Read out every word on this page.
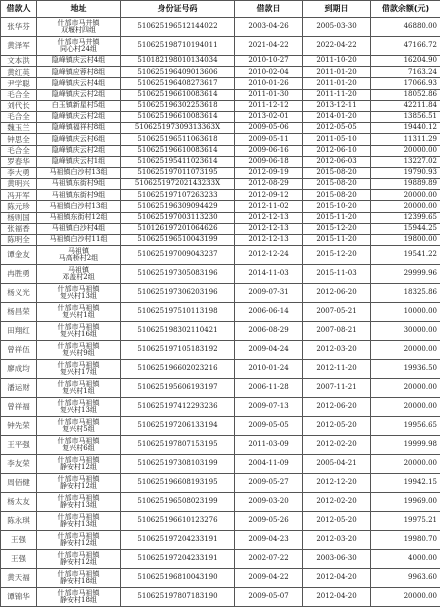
借款人	地址	身份证号码	借款日	到期日	借款余额(元)
张华芬	什邡市马井镇
双堰村四组	51062519651214402​2	2003-04-26	2005-03-30	46880.00
黄泽军	什邡市马井镇
同心村24组	510625198710194011	2021-04-22	2022-04-22	47166.72
文本洪	隐峰镇庆云村4组	510182198010134034	2010-10-27	2011-10-20	16204.90
黄红英	隐峰镇应蓉村8组	510625196409013606	2010-02-04	2011-01-20	7163.24
尹学聪	隐峰镇庆云村4组	510625196408273617	2010-01-26	2011-01-20	17066.93
毛合全	隐峰镇庆云村2组	510625196610083614	2011-01-30	2011-11-20	18052.86
刘代长	白玉镇新星村5组	510625196302253618	2011-12-12	2013-12-11	42211.84
毛合全	隐峰镇庆云村2组	510625196610083614	2013-02-01	2014-01-20	13856.51
魏玉兰	隐峰镇福祥村8组	510625197309313363X	2009-05-06	2012-05-05	19440.12
钟思全	隐峰镇庆云村6组	510625196511063618	2009-05-11	2011-05-10	11311.29
毛合全	隐峰镇庆云村2组	510625196610083614	2009-06-16	2012-06-10	20000.00
罗春华	隐峰镇庆云村1组	510625195411023614	2009-06-18	2012-06-03	13227.02
李大勇	马祖镇白沙村13组	510625197011073195	2012-09-19	2015-08-20	19790.93
黄明兴	马祖镇东街村9组	510625197202143233X	2012-08-29	2015-08-20	19889.89
冯开军	马祖镇东街村9组	510625197107263233	2012-09-12	2015-08-20	20000.00
陈元珍	马祖镇白沙村13组	510625196309094429	2012-11-02	2015-10-20	20000.00
杨则国	马祖镇东街村12组	510625197003113230	2012-12-13	2015-11-20	12399.65
张福香	马祖镇白沙村4组	510126197201064626	2012-12-13	2015-12-20	15944.25
陈明全	马祖镇白沙村11组	510625196510043199	2012-12-13	2015-11-20	19800.00
谭金友	马祖镇
马高桥村2组	510625197009043237	2012-12-24	2015-12-20	19541.22
冉胜勇	马祖镇
邓盖村2组	510625197305083196	2014-11-03	2015-11-03	29999.96
杨义光	什邡市马祖镇
复兴村13组	510625197306203196	2009-07-31	2012-06-20	18325.86
杨昌荣	什邡市马祖镇
复兴村1组	510625197510113198	2006-06-14	2007-05-21	10000.00
田翔红	什邡市马祖镇
复兴村16组	510625198302110421	2006-08-29	2007-08-21	30000.00
曾祥伍	什邡市马祖镇
复兴村9组	510625197105183192	2009-04-24	2012-03-20	20000.00
廖成均	什邡市马祖镇
复兴村17组	510625196602023216	2010-01-24	2012-11-20	19936.50
潘运财	什邡市马祖镇
复兴村1组	510625195606193197	2006-11-28	2007-11-21	20000.00
曾祥福	什邡市马祖镇
复兴村13组	510625197412293236	2009-07-13	2012-06-20	20000.00
钟先荣	什邡市马祖镇
复兴村5组	510625197206133194	2009-05-05	2012-05-20	19956.65
王平强	什邡市马祖镇
复兴村6组	510625197807153195	2011-03-09	2012-02-20	19999.98
李友荣	什邡市马祖镇
静安村12组	510625197308103199	2004-11-09	2005-04-21	20000.00
周佰健	什邡市马祖镇
静安村12组	510625196608193195	2009-05-27	2012-12-20	19942.15
杨太友	什邡市马祖镇
静安村13组	510625196508023199	2009-03-20	2012-02-20	19969.00
陈永琪	什邡市马祖镇
静安村13组	510625196610123276	2009-05-26	2012-05-20	19975.21
王强	什邡市马祖镇
静安村12组	510625197204233191	2009-04-23	2012-03-20	19980.70
王强	什邡市马祖镇
静安村12组	510625197204233191	2002-07-22	2003-06-30	4000.00
黄天福	什邡市马祖镇
静安村18组	510625196810043190	2009-04-22	2012-04-20	9963.60
谭锦华	什邡市马祖镇
静安村18组	510625197807183190	2009-05-07	2012-04-20	20000.00
